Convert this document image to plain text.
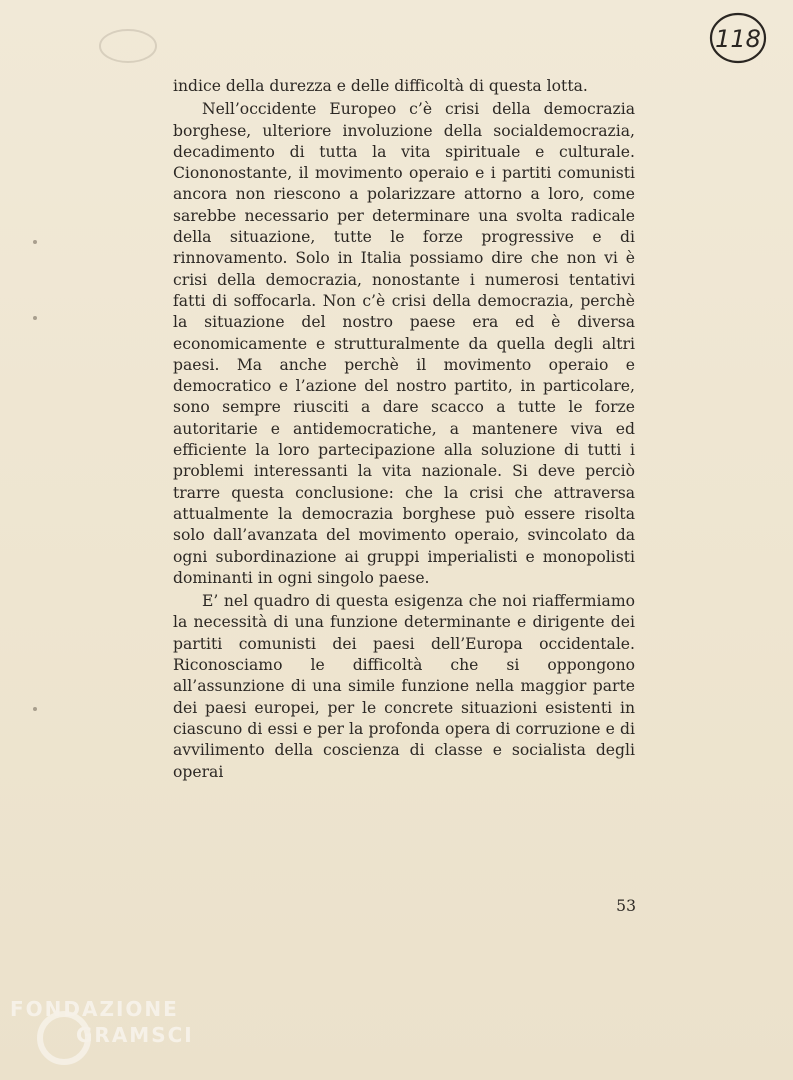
118

indice della durezza e delle difficoltà di questa lotta.

Nell’occidente Europeo c’è crisi della democrazia borghese, ulteriore involuzione della socialdemocrazia, decadimento di tutta la vita spirituale e culturale. Ciononostante, il movimento operaio e i partiti comunisti ancora non riescono a polarizzare attorno a loro, come sarebbe necessario per determinare una svolta radicale della situazione, tutte le forze progressive e di rinnovamento. Solo in Italia possiamo dire che non vi è crisi della democrazia, nonostante i numerosi tentativi fatti di soffocarla. Non c’è crisi della democrazia, perchè la situazione del nostro paese era ed è diversa economicamente e strutturalmente da quella degli altri paesi. Ma anche perchè il movimento operaio e democratico e l’azione del nostro partito, in particolare, sono sempre riusciti a dare scacco a tutte le forze autoritarie e antidemocratiche, a mantenere viva ed efficiente la loro partecipazione alla soluzione di tutti i problemi interessanti la vita nazionale. Si deve perciò trarre questa conclusione: che la crisi che attraversa attualmente la democrazia borghese può essere risolta solo dall’avanzata del movimento operaio, svincolato da ogni subordinazione ai gruppi imperialisti e monopolisti dominanti in ogni singolo paese.

E’ nel quadro di questa esigenza che noi riaffermiamo la necessità di una funzione determinante e dirigente dei partiti comunisti dei paesi dell’Europa occidentale. Riconosciamo le difficoltà che si oppongono all’assunzione di una simile funzione nella maggior parte dei paesi europei, per le concrete situazioni esistenti in ciascuno di essi e per la profonda opera di corruzione e di avvilimento della coscienza di classe e socialista degli operai

53
FONDAZIONE
GRAMSCI
